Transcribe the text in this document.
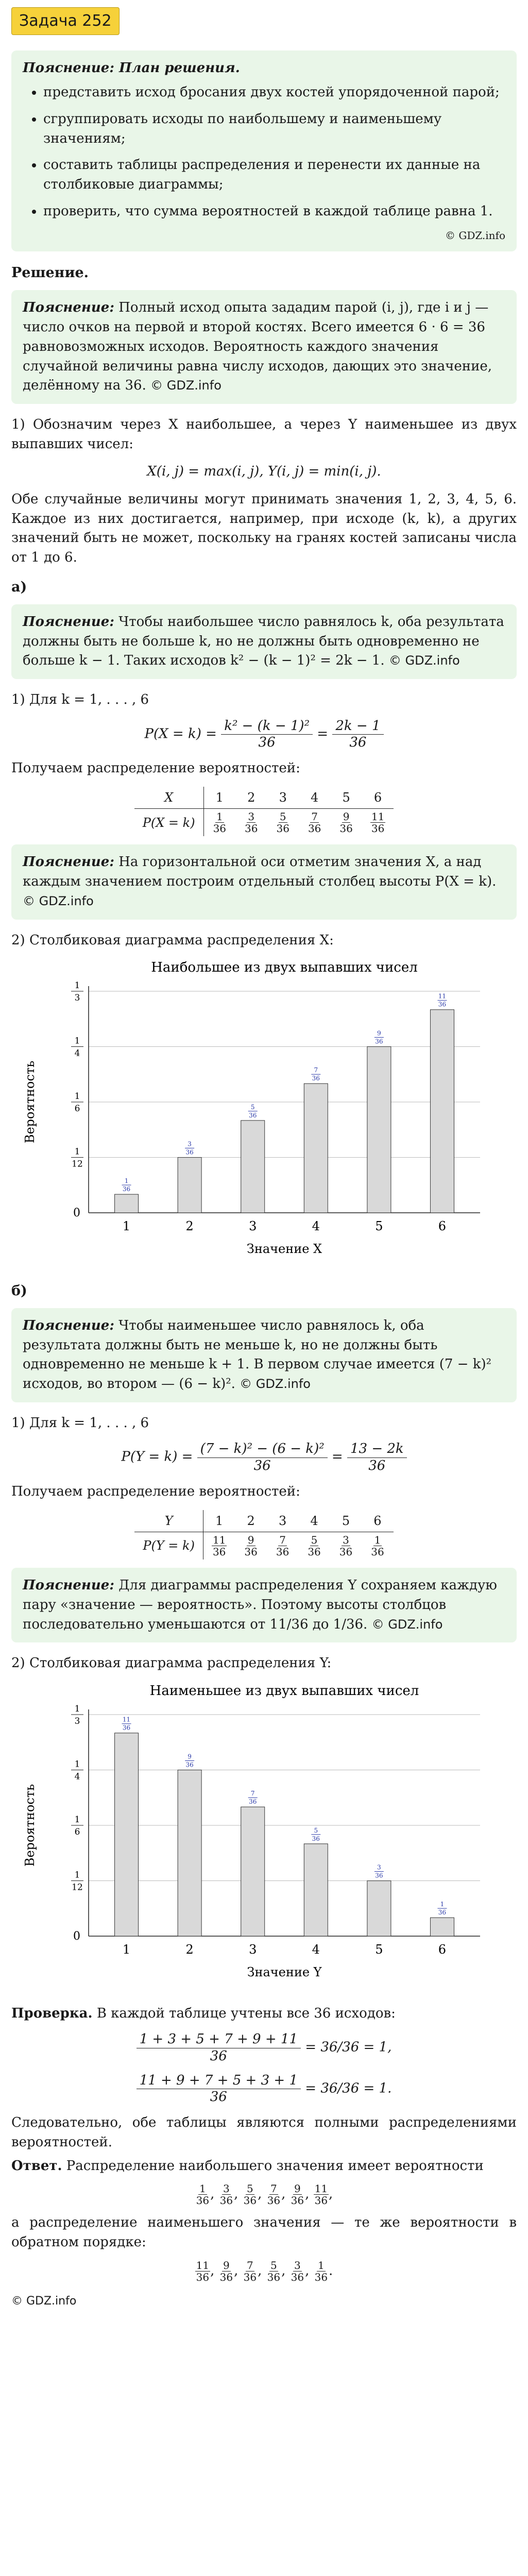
Задача 252
Пояснение: План решения.
• представить исход бросания двух костей упорядоченной парой;
• сгруппировать исходы по наибольшему и наименьшему значениям;
• составить таблицы распределения и перенести их данные на столбиковые диаграммы;
• проверить, что сумма вероятностей в каждой таблице равна 1.
© GDZ.info
Решение.
Пояснение: Полный исход опыта зададим парой (i, j), где i и j — число очков на первой и второй костях. Всего имеется 6 · 6 = 36 равновозможных исходов. Вероятность каждого значения случайной величины равна числу исходов, дающих это значение, делённому на 36. © GDZ.info

1) Обозначим через X наибольшее, а через Y наименьшее из двух выпавших чисел:

X(i, j) = max(i, j), Y(i, j) = min(i, j).

Обе случайные величины могут принимать значения 1, 2, 3, 4, 5, 6. Каждое из них достигается, например, при исходе (k, k), а других значений быть не может, поскольку на гранях костей записаны числа от 1 до 6.

а)
Пояснение: Чтобы наибольшее число равнялось k, оба результата должны быть не больше k, но не должны быть одновременно не больше k − 1. Таких исходов k² − (k − 1)² = 2k − 1. © GDZ.info

1) Для k = 1, . . . , 6

$P(X = k) = \frac{\text{k² − (k − 1)²}}{36} = \frac{2k - 1}{36}$

Получаем распределение вероятностей:

X	1	2	3	4	5	6
P(X = k)	$\frac{1}{36}$	$\frac{3}{36}$	$\frac{5}{36}$	$\frac{7}{36}$	$\frac{9}{36}$	$\frac{11}{36}$
Пояснение: На горизонтальной оси отметим значения X, а над каждым значением построим отдельный столбец высоты P(X = k). © GDZ.info

2) Столбиковая диаграмма распределения X:

Наибольшее из двух выпавших чисел
0
1
12
1
6
1
4
1
3
Вероятность
1
36
1
3
36
2
5
36
3
7
36
4
9
36
5
11
36
6
Значение X
б)
Пояснение: Чтобы наименьшее число равнялось k, оба результата должны быть не меньше k, но не должны быть одновременно не меньше k + 1. В первом случае имеется (7 − k)² исходов, во втором — (6 − k)². © GDZ.info

1) Для k = 1, . . . , 6

$P(Y = k) = \frac{\text{(7 − k)² − (6 − k)²}}{36} = \frac{13 - 2k}{36}$

Получаем распределение вероятностей:

Y	1	2	3	4	5	6
P(Y = k)	$\frac{11}{36}$	$\frac{9}{36}$	$\frac{7}{36}$	$\frac{5}{36}$	$\frac{3}{36}$	$\frac{1}{36}$
Пояснение: Для диаграммы распределения Y сохраняем каждую пару «значение — вероятность». Поэтому высоты столбцов последовательно уменьшаются от 11/36 до 1/36. © GDZ.info

2) Столбиковая диаграмма распределения Y:

Наименьшее из двух выпавших чисел
0
1
12
1
6
1
4
1
3
Вероятность
11
36
1
9
36
2
7
36
3
5
36
4
3
36
5
1
36
6
Значение Y

Проверка. В каждой таблице учтены все 36 исходов:

$\frac{1 + 3 + 5 + 7 + 9 + 11}{36} = 36/36 = 1$,
$\frac{11 + 9 + 7 + 5 + 3 + 1}{36} = 36/36 = 1$.

Следовательно, обе таблицы являются полными распределениями вероятностей.

Ответ. Распределение наибольшего значения имеет вероятности

$\frac{1}{36}$ , $\frac{3}{36}$ , $\frac{5}{36}$ , $\frac{7}{36}$ , $\frac{9}{36}$ , $\frac{11}{36}$ ,

а распределение наименьшего значения — те же вероятности в обратном порядке:

$\frac{11}{36}$ , $\frac{9}{36}$ , $\frac{7}{36}$ , $\frac{5}{36}$ , $\frac{3}{36}$ , $\frac{1}{36}$ .
© GDZ.info
